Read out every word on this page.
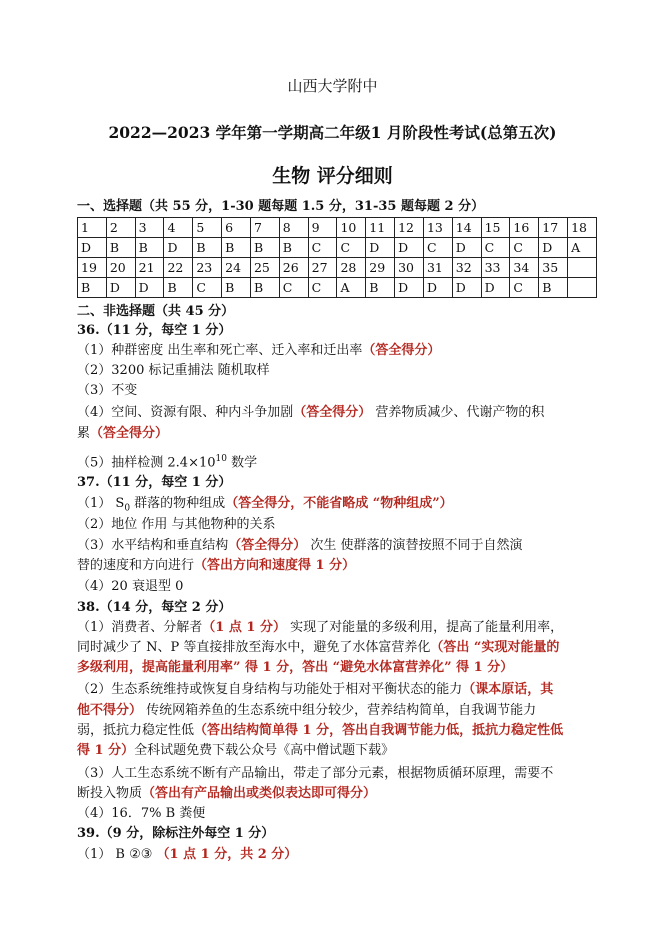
山西大学附中
2022—2023 学年第一学期高二年级1 月阶段性考试(总第五次)
生物 评分细则
一、选择题（共 55 分，1-30 题每题 1.5 分，31-35 题每题 2 分）
1	2	3	4	5	6	7	8	9	10	11	12	13	14	15	16	17	18
D	B	B	D	B	B	B	B	C	C	D	D	C	D	C	C	D	A
19	20	21	22	23	24	25	26	27	28	29	30	31	32	33	34	35	
B	D	D	B	C	B	B	C	C	A	B	D	D	D	D	C	B	
二、非选择题（共 45 分）
36.（11 分，每空 1 分）
（1）种群密度 出生率和死亡率、迁入率和迁出率（答全得分）
（2）3200 标记重捕法 随机取样
（3）不变
（4）空间、资源有限、种内斗争加剧（答全得分） 营养物质减少、代谢产物的积
累（答全得分）
（5）抽样检测 $2.4\times 10^{10}$ 数学
37.（11 分，每空 1 分）
（1） $S_0$ 群落的物种组成（答全得分，不能省略成 “物种组成”）
（2）地位 作用 与其他物种的关系
（3）水平结构和垂直结构（答全得分） 次生 使群落的演替按照不同于自然演
替的速度和方向进行（答出方向和速度得 1 分）
（4）20 衰退型 0
38.（14 分，每空 2 分）
（1）消费者、分解者（1 点 1 分） 实现了对能量的多级利用，提高了能量利用率，
同时减少了 N、P 等直接排放至海水中，避免了水体富营养化（答出 “实现对能量的
多级利用，提高能量利用率” 得 1 分，答出 “避免水体富营养化” 得 1 分）
（2）生态系统维持或恢复自身结构与功能处于相对平衡状态的能力（课本原话，其
他不得分） 传统网箱养鱼的生态系统中组分较少，营养结构简单，自我调节能力
弱，抵抗力稳定性低（答出结构简单得 1 分，答出自我调节能力低，抵抗力稳定性低
得 1 分）全科试题免费下载公众号《高中僧试题下载》
（3）人工生态系统不断有产品输出，带走了部分元素，根据物质循环原理，需要不
断投入物质（答出有产品输出或类似表达即可得分）
（4）16．7% B 粪便
39.（9 分，除标注外每空 1 分）
（1） B ②③ （1 点 1 分，共 2 分）
